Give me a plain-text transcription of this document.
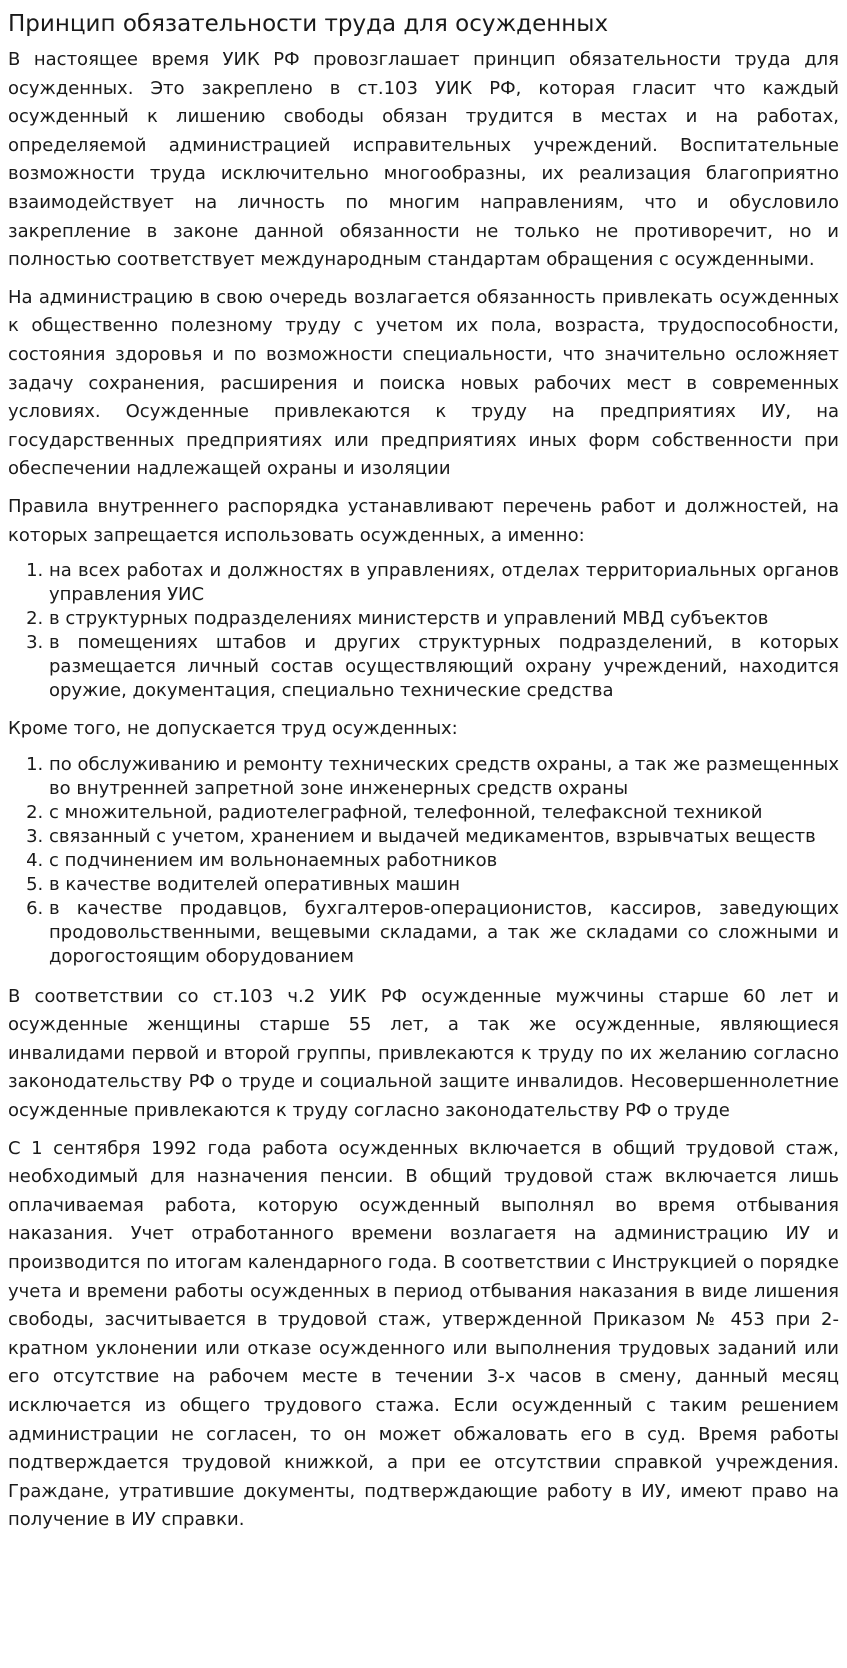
Принцип обязательности труда для осужденных

В настоящее время УИК РФ провозглашает принцип обязательности труда для осужденных. Это закреплено в ст.103 УИК РФ, которая гласит что каждый осужденный к лишению свободы обязан трудится в местах и на работах, определяемой администрацией исправительных учреждений. Воспитательные возможности труда исключительно многообразны, их реализация благоприятно взаимодействует на личность по многим направлениям, что и обусловило закрепление в законе данной обязанности не только не противоречит, но и полностью соответствует международным стандартам обращения с осужденными.

На администрацию в свою очередь возлагается обязанность привлекать осужденных к общественно полезному труду с учетом их пола, возраста, трудоспособности, состояния здоровья и по возможности специальности, что значительно осложняет задачу сохранения, расширения и поиска новых рабочих мест в современных условиях. Осужденные привлекаются к труду на предприятиях ИУ, на государственных предприятиях или предприятиях иных форм собственности при обеспечении надлежащей охраны и изоляции

Правила внутреннего распорядка устанавливают перечень работ и должностей, на которых запрещается использовать осужденных, а именно:

1. на всех работах и должностях в управлениях, отделах территориальных органов управления УИС
2. в структурных подразделениях министерств и управлений МВД субъектов
3. в помещениях штабов и других структурных подразделений, в которых размещается личный состав осуществляющий охрану учреждений, находится оружие, документация, специально технические средства

Кроме того, не допускается труд осужденных:

1. по обслуживанию и ремонту технических средств охраны, а так же размещенных во внутренней запретной зоне инженерных средств охраны
2. с множительной, радиотелеграфной, телефонной, телефаксной техникой
3. связанный с учетом, хранением и выдачей медикаментов, взрывчатых веществ
4. с подчинением им вольнонаемных работников
5. в качестве водителей оперативных машин
6. в качестве продавцов, бухгалтеров-операционистов, кассиров, заведующих продовольственными, вещевыми складами, а так же складами со сложными и дорогостоящим оборудованием

В соответствии со ст.103 ч.2 УИК РФ осужденные мужчины старше 60 лет и осужденные женщины старше 55 лет, а так же осужденные, являющиеся инвалидами первой и второй группы, привлекаются к труду по их желанию согласно законодательству РФ о труде и социальной защите инвалидов. Несовершеннолетние осужденные привлекаются к труду согласно законодательству РФ о труде

С 1 сентября 1992 года работа осужденных включается в общий трудовой стаж, необходимый для назначения пенсии. В общий трудовой стаж включается лишь оплачиваемая работа, которую осужденный выполнял во время отбывания наказания. Учет отработанного времени возлагаетя на администрацию ИУ и производится по итогам календарного года. В соответствии с Инструкцией о порядке учета и времени работы осужденных в период отбывания наказания в виде лишения свободы, засчитывается в трудовой стаж, утвержденной Приказом № 453 при 2-кратном уклонении или отказе осужденного или выполнения трудовых заданий или его отсутствие на рабочем месте в течении 3-х часов в смену, данный месяц исключается из общего трудового стажа. Если осужденный с таким решением администрации не согласен, то он может обжаловать его в суд. Время работы подтверждается трудовой книжкой, а при ее отсутствии справкой учреждения. Граждане, утратившие документы, подтверждающие работу в ИУ, имеют право на получение в ИУ справки.
